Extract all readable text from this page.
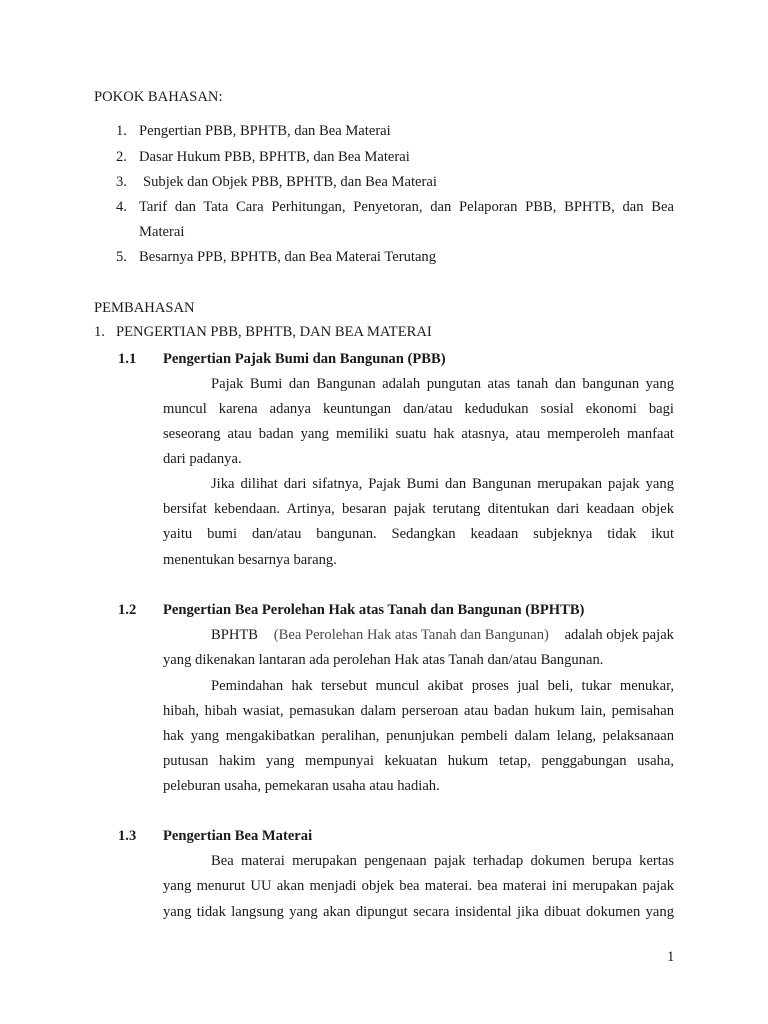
POKOK BAHASAN:
1. Pengertian PBB, BPHTB, dan Bea Materai
2. Dasar Hukum PBB, BPHTB, dan Bea Materai
3. Subjek dan Objek PBB, BPHTB, dan Bea Materai
4. Tarif dan Tata Cara Perhitungan, Penyetoran, dan Pelaporan PBB, BPHTB, dan Bea
Materai
5. Besarnya PPB, BPHTB, dan Bea Materai Terutang
PEMBAHASAN
1. PENGERTIAN PBB, BPHTB, DAN BEA MATERAI
1.1 Pengertian Pajak Bumi dan Bangunan (PBB)
Pajak Bumi dan Bangunan adalah pungutan atas tanah dan bangunan yang
muncul karena adanya keuntungan dan/atau kedudukan sosial ekonomi bagi
seseorang atau badan yang memiliki suatu hak atasnya, atau memperoleh manfaat
dari padanya.
Jika dilihat dari sifatnya, Pajak Bumi dan Bangunan merupakan pajak yang
bersifat kebendaan. Artinya, besaran pajak terutang ditentukan dari keadaan objek
yaitu bumi dan/atau bangunan. Sedangkan keadaan subjeknya tidak ikut
menentukan besarnya barang.
1.2 Pengertian Bea Perolehan Hak atas Tanah dan Bangunan (BPHTB)
BPHTB (Bea Perolehan Hak atas Tanah dan Bangunan) adalah objek pajak
yang dikenakan lantaran ada perolehan Hak atas Tanah dan/atau Bangunan.
Pemindahan hak tersebut muncul akibat proses jual beli, tukar menukar,
hibah, hibah wasiat, pemasukan dalam perseroan atau badan hukum lain, pemisahan
hak yang mengakibatkan peralihan, penunjukan pembeli dalam lelang, pelaksanaan
putusan hakim yang mempunyai kekuatan hukum tetap, penggabungan usaha,
peleburan usaha, pemekaran usaha atau hadiah.
1.3 Pengertian Bea Materai
Bea materai merupakan pengenaan pajak terhadap dokumen berupa kertas
yang menurut UU akan menjadi objek bea materai. bea materai ini merupakan pajak
yang tidak langsung yang akan dipungut secara insidental jika dibuat dokumen yang
1
